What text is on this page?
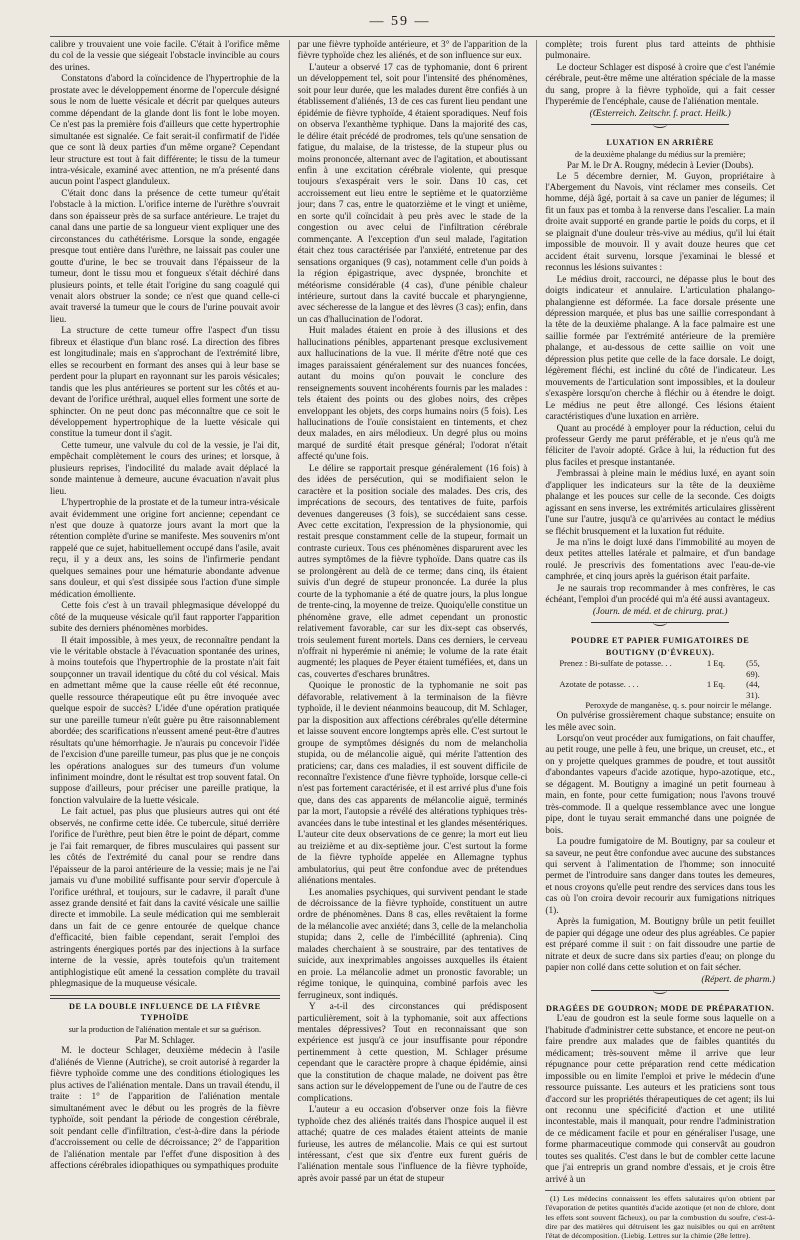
— 59 —

calibre y trouvaient une voie facile. C'était à l'orifice même du col de la vessie que siégeait l'obstacle invincible au cours des urines.

Constatons d'abord la coïncidence de l'hypertrophie de la prostate avec le développement énorme de l'opercule désigné sous le nom de luette vésicale et décrit par quelques auteurs comme dépendant de la glande dont lis font le lobe moyen. Ce n'est pas la première fois d'ailleurs que cette hypertrophie simultanée est signalée. Ce fait serait-il confirmatif de l'idée que ce sont là deux parties d'un même organe? Cependant leur structure est tout à fait différente; le tissu de la tumeur intra-vésicale, examiné avec attention, ne m'a présenté dans aucun point l'aspect glanduleux.

C'était donc dans la présence de cette tumeur qu'était l'obstacle à la miction. L'orifice interne de l'urèthre s'ouvrait dans son épaisseur près de sa surface antérieure. Le trajet du canal dans une partie de sa longueur vient expliquer une des circonstances du cathétérisme. Lorsque la sonde, engagée presque tout entière dans l'urèthre, ne laissait pas couler une goutte d'urine, le bec se trouvait dans l'épaisseur de la tumeur, dont le tissu mou et fongueux s'était déchiré dans plusieurs points, et telle était l'origine du sang coagulé qui venait alors obstruer la sonde; ce n'est que quand celle-ci avait traversé la tumeur que le cours de l'urine pouvait avoir lieu.

La structure de cette tumeur offre l'aspect d'un tissu fibreux et élastique d'un blanc rosé. La direction des fibres est longitudinale; mais en s'approchant de l'extrémité libre, elles se recourbent en formant des anses qui à leur base se perdent pour la plupart en rayonnant sur les parois vésicales; tandis que les plus antérieures se portent sur les côtés et au-devant de l'orifice uréthral, auquel elles forment une sorte de sphincter. On ne peut donc pas méconnaître que ce soit le développement hypertrophique de la luette vésicale qui constitue la tumeur dont il s'agit.

Cette tumeur, une valvule du col de la vessie, je l'ai dit, empêchait complètement le cours des urines; et lorsque, à plusieurs reprises, l'indocilité du malade avait déplacé la sonde maintenue à demeure, aucune évacuation n'avait plus lieu.

L'hypertrophie de la prostate et de la tumeur intra-vésicale avait évidemment une origine fort ancienne; cependant ce n'est que douze à quatorze jours avant la mort que la rétention complète d'urine se manifeste. Mes souvenirs m'ont rappelé que ce sujet, habituellement occupé dans l'asile, avait reçu, il y a deux ans, les soins de l'infirmerie pendant quelques semaines pour une hématurie abondante advenue sans douleur, et qui s'est dissipée sous l'action d'une simple médication émolliente.

Cette fois c'est à un travail phlegmasique développé du côté de la muqueuse vésicale qu'il faut rapporter l'apparition subite des derniers phénomènes morbides.

Il était impossible, à mes yeux, de reconnaître pendant la vie le véritable obstacle à l'évacuation spontanée des urines, à moins toutefois que l'hypertrophie de la prostate n'ait fait soupçonner un travail identique du côté du col vésical. Mais en admettant même que la cause réelle eût été reconnue, quelle ressource thérapeutique eût pu être invoquée avec quelque espoir de succès? L'idée d'une opération pratiquée sur une pareille tumeur n'eût guère pu être raisonnablement abordée; des scarifications n'eussent amené peut-être d'autres résultats qu'une hémorrhagie. Je n'aurais pu concevoir l'idée de l'excision d'une pareille tumeur, pas plus que je ne conçois les opérations analogues sur des tumeurs d'un volume infiniment moindre, dont le résultat est trop souvent fatal. On suppose d'ailleurs, pour préciser une pareille pratique, la fonction valvulaire de la luette vésicale.

Le fait actuel, pas plus que plusieurs autres qui ont été observés, ne confirme cette idée. Ce tubercule, situé derrière l'orifice de l'urèthre, peut bien être le point de départ, comme je l'ai fait remarquer, de fibres musculaires qui passent sur les côtés de l'extrémité du canal pour se rendre dans l'épaisseur de la paroi antérieure de la vessie; mais je ne l'ai jamais vu d'une mobilité suffisante pour servir d'opercule à l'orifice uréthral, et toujours, sur le cadavre, il paraît d'une assez grande densité et fait dans la cavité vésicale une saillie directe et immobile. La seule médication qui me semblerait dans un fait de ce genre entourée de quelque chance d'efficacité, bien faible cependant, serait l'emploi des astringents énergiques portés par des injections à la surface interne de la vessie, après toutefois qu'un traitement antiphlogistique eût amené la cessation complète du travail phlegmasique de la muqueuse vésicale.

DE LA DOUBLE INFLUENCE DE LA FIÈVRE TYPHOÏDE

sur la production de l'aliénation mentale et sur sa guérison.

Par M. Schlager.

M. le docteur Schlager, deuxième médecin à l'asile d'aliénés de Vienne (Autriche), se croit autorisé à regarder la fièvre typhoïde comme une des conditions étiologiques les plus actives de l'aliénation mentale. Dans un travail étendu, il traite : 1° de l'apparition de l'aliénation mentale simultanément avec le début ou les progrès de la fièvre typhoïde, soit pendant la période de congestion cérébrale, soit pendant celle d'infiltration, c'est-à-dire dans la période d'accroissement ou celle de décroissance; 2° de l'apparition de l'aliénation mentale par l'effet d'une disposition à des affections cérébrales idiopathiques ou sympathiques produite

par une fièvre typhoïde antérieure, et 3° de l'apparition de la fièvre typhoïde chez les aliénés, et de son influence sur eux.

L'auteur a observé 17 cas de typhomanie, dont 6 prirent un développement tel, soit pour l'intensité des phénomènes, soit pour leur durée, que les malades durent être confiés à un établissement d'aliénés, 13 de ces cas furent lieu pendant une épidémie de fièvre typhoïde, 4 étaient sporadiques. Neuf fois on observa l'exanthème typhique. Dans la majorité des cas, le délire était précédé de prodromes, tels qu'une sensation de fatigue, du malaise, de la tristesse, de la stupeur plus ou moins prononcée, alternant avec de l'agitation, et aboutissant enfin à une excitation cérébrale violente, qui presque toujours s'exaspérait vers le soir. Dans 10 cas, cet accroissement eut lieu entre le septième et le quatorzième jour; dans 7 cas, entre le quatorzième et le vingt et unième, en sorte qu'il coïncidait à peu près avec le stade de la congestion ou avec celui de l'infiltration cérébrale commençante. A l'exception d'un seul malade, l'agitation était chez tous caractérisée par l'anxiété, entretenue par des sensations organiques (9 cas), notamment celle d'un poids à la région épigastrique, avec dyspnée, bronchite et météorisme considérable (4 cas), d'une pénible chaleur intérieure, surtout dans la cavité buccale et pharyngienne, avec sécheresse de la langue et des lèvres (3 cas); enfin, dans un cas d'hallucination de l'odorat.

Huit malades étaient en proie à des illusions et des hallucinations pénibles, appartenant presque exclusivement aux hallucinations de la vue. Il mérite d'être noté que ces images paraissaient généralement sur des nuances foncées, autant du moins qu'on pouvait le conclure des renseignements souvent incohérents fournis par les malades : tels étaient des points ou des globes noirs, des crêpes enveloppant les objets, des corps humains noirs (5 fois). Les hallucinations de l'ouïe consistaient en tintements, et chez deux malades, en airs mélodieux. Un degré plus ou moins marqué de surdité était presque général; l'odorat n'était affecté qu'une fois.

Le délire se rapportait presque généralement (16 fois) à des idées de persécution, qui se modifiaient selon le caractère et la position sociale des malades. Des cris, des imprécations de secours, des tentatives de fuite, parfois devenues dangereuses (3 fois), se succédaient sans cesse. Avec cette excitation, l'expression de la physionomie, qui restait presque constamment celle de la stupeur, formait un contraste curieux. Tous ces phénomènes disparurent avec les autres symptômes de la fièvre typhoïde. Dans quatre cas ils se prolongèrent au delà de ce terme; dans cinq, ils étaient suivis d'un degré de stupeur prononcée. La durée la plus courte de la typhomanie a été de quatre jours, la plus longue de trente-cinq, la moyenne de treize. Quoiqu'elle constitue un phénomène grave, elle admet cependant un pronostic relativement favorable, car sur les dix-sept cas observés, trois seulement furent mortels. Dans ces derniers, le cerveau n'offrait ni hyperémie ni anémie; le volume de la rate était augmenté; les plaques de Peyer étaient tuméfiées, et, dans un cas, couvertes d'eschares brunâtres.

Quoique le pronostic de la typhomanie ne soit pas défavorable, relativement à la terminaison de la fièvre typhoïde, il le devient néanmoins beaucoup, dit M. Schlager, par la disposition aux affections cérébrales qu'elle détermine et laisse souvent encore longtemps après elle. C'est surtout le groupe de symptômes désignés du nom de melancholia stupida, ou de mélancolie aiguë, qui mérite l'attention des praticiens; car, dans ces maladies, il est souvent difficile de reconnaître l'existence d'une fièvre typhoïde, lorsque celle-ci n'est pas fortement caractérisée, et il est arrivé plus d'une fois que, dans des cas apparents de mélancolie aiguë, terminés par la mort, l'autopsie a révélé des altérations typhiques très-avancées dans le tube intestinal et les glandes mésentériques. L'auteur cite deux observations de ce genre; la mort eut lieu au treizième et au dix-septième jour. C'est surtout la forme de la fièvre typhoïde appelée en Allemagne typhus ambulatorius, qui peut être confondue avec de prétendues aliénations mentales.

Les anomalies psychiques, qui survivent pendant le stade de décroissance de la fièvre typhoïde, constituent un autre ordre de phénomènes. Dans 8 cas, elles revêtaient la forme de la mélancolie avec anxiété; dans 3, celle de la melancholia stupida; dans 2, celle de l'imbécillité (aphrenia). Cinq malades cherchaient à se soustraire, par des tentatives de suicide, aux inexprimables angoisses auxquelles ils étaient en proie. La mélancolie admet un pronostic favorable; un régime tonique, le quinquina, combiné parfois avec les ferrugineux, sont indiqués.

Y a-t-il des circonstances qui prédisposent particulièrement, soit à la typhomanie, soit aux affections mentales dépressives? Tout en reconnaissant que son expérience est jusqu'à ce jour insuffisante pour répondre pertinemment à cette question, M. Schlager présume cependant que le caractère propre à chaque épidémie, ainsi que la constitution de chaque malade, ne doivent pas être sans action sur le développement de l'une ou de l'autre de ces complications.

L'auteur a eu occasion d'observer onze fois la fièvre typhoïde chez des aliénés traités dans l'hospice auquel il est attaché; quatre de ces malades étaient atteints de manie furieuse, les autres de mélancolie. Mais ce qui est surtout intéressant, c'est que six d'entre eux furent guéris de l'aliénation mentale sous l'influence de la fièvre typhoïde, après avoir passé par un état de stupeur

complète; trois furent plus tard atteints de phthisie pulmonaire.

Le docteur Schlager est disposé à croire que c'est l'anémie cérébrale, peut-être même une altération spéciale de la masse du sang, propre à la fièvre typhoïde, qui a fait cesser l'hyperémie de l'encéphale, cause de l'aliénation mentale.

(Œsterreich. Zeitschr. f. pract. Heilk.)

LUXATION EN ARRIÈRE

de la deuxième phalange du médius sur la première;

Par M. le Dr A. Rougny, médecin à Levier (Doubs).

Le 5 décembre dernier, M. Guyon, propriétaire à l'Abergement du Navois, vint réclamer mes conseils. Cet homme, déjà âgé, portait à sa cave un panier de légumes; il fit un faux pas et tomba à la renverse dans l'escalier. La main droite avait supporté en grande partie le poids du corps, et il se plaignait d'une douleur très-vive au médius, qu'il lui était impossible de mouvoir. Il y avait douze heures que cet accident était survenu, lorsque j'examinai le blessé et reconnus les lésions suivantes :

Le médius droit, raccourci, ne dépasse plus le bout des doigts indicateur et annulaire. L'articulation phalango-phalangienne est déformée. La face dorsale présente une dépression marquée, et plus bas une saillie correspondant à la tête de la deuxième phalange. A la face palmaire est une saillie formée par l'extrémité antérieure de la première phalange, et au-dessous de cette saillie on voit une dépression plus petite que celle de la face dorsale. Le doigt, légèrement fléchi, est incliné du côté de l'indicateur. Les mouvements de l'articulation sont impossibles, et la douleur s'exaspère lorsqu'on cherche à fléchir ou à étendre le doigt. Le médius ne peut être allongé. Ces lésions étaient caractéristiques d'une luxation en arrière.

Quant au procédé à employer pour la réduction, celui du professeur Gerdy me parut préférable, et je n'eus qu'à me féliciter de l'avoir adopté. Grâce à lui, la réduction fut des plus faciles et presque instantanée.

J'embrassai à pleine main le médius luxé, en ayant soin d'appliquer les indicateurs sur la tête de la deuxième phalange et les pouces sur celle de la seconde. Ces doigts agissant en sens inverse, les extrémités articulaires glissèrent l'une sur l'autre, jusqu'à ce qu'arrivées au contact le médius se fléchit brusquement et la luxation fut réduite.

Je ma n'ins le doigt luxé dans l'immobilité au moyen de deux petites attelles latérale et palmaire, et d'un bandage roulé. Je prescrivis des fomentations avec l'eau-de-vie camphrée, et cinq jours après la guérison était parfaite.

Je ne saurais trop recommander à mes confrères, le cas échéant, l'emploi d'un procédé qui m'a été aussi avantageux.

(Journ. de méd. et de chirurg. prat.)

POUDRE ET PAPIER FUMIGATOIRES DE BOUTIGNY (D'ÉVREUX).

Prenez : Bi-sulfate de potasse. . .	1 Eq.	(55, 69).
Azotate de potasse. . . .	1 Eq.	(44, 31).
Peroxyde de manganèse, q. s. pour noircir le mélange.

On pulvérise grossièrement chaque substance; ensuite on les mêle avec soin.

Lorsqu'on veut procéder aux fumigations, on fait chauffer, au petit rouge, une pelle à feu, une brique, un creuset, etc., et on y projette quelques grammes de poudre, et tout aussitôt d'abondantes vapeurs d'acide azotique, hypo-azotique, etc., se dégagent. M. Boutigny a imaginé un petit fourneau à main, en fonte, pour cette fumigation; nous l'avons trouvé très-commode. Il a quelque ressemblance avec une longue pipe, dont le tuyau serait emmanché dans une poignée de bois.

La poudre fumigatoire de M. Boutigny, par sa couleur et sa saveur, ne peut être confondue avec aucune des substances qui servent à l'alimentation de l'homme; son innocuité permet de l'introduire sans danger dans toutes les demeures, et nous croyons qu'elle peut rendre des services dans tous les cas où l'on croira devoir recourir aux fumigations nitriques (1).

Après la fumigation, M. Boutigny brûle un petit feuillet de papier qui dégage une odeur des plus agréables. Ce papier est préparé comme il suit : on fait dissoudre une partie de nitrate et deux de sucre dans six parties d'eau; on plonge du papier non collé dans cette solution et on fait sécher.

(Répert. de pharm.)

DRAGÉES DE GOUDRON; MODE DE PRÉPARATION.

L'eau de goudron est la seule forme sous laquelle on a l'habitude d'administrer cette substance, et encore ne peut-on faire prendre aux malades que de faibles quantités du médicament; très-souvent même il arrive que leur répugnance pour cette préparation rend cette médication impossible ou en limite l'emploi et prive le médecin d'une ressource puissante. Les auteurs et les praticiens sont tous d'accord sur les propriétés thérapeutiques de cet agent; ils lui ont reconnu une spécificité d'action et une utilité incontestable, mais il manquait, pour rendre l'administration de ce médicament facile et pour en généraliser l'usage, une forme pharmaceutique commode qui conservât au goudron toutes ses qualités. C'est dans le but de combler cette lacune que j'ai entrepris un grand nombre d'essais, et je crois être arrivé à un

(1) Les médecins connaissent les effets salutaires qu'on obtient par l'évaporation de petites quantités d'acide azotique (et non de chlore, dont les effets sont souvent fâcheux), ou par la combustion du soufre, c'est-à-dire par des matières qui détruisent les gaz nuisibles ou qui en arrêtent l'état de décomposition. (Liebig. Lettres sur la chimie (28e lettre).
